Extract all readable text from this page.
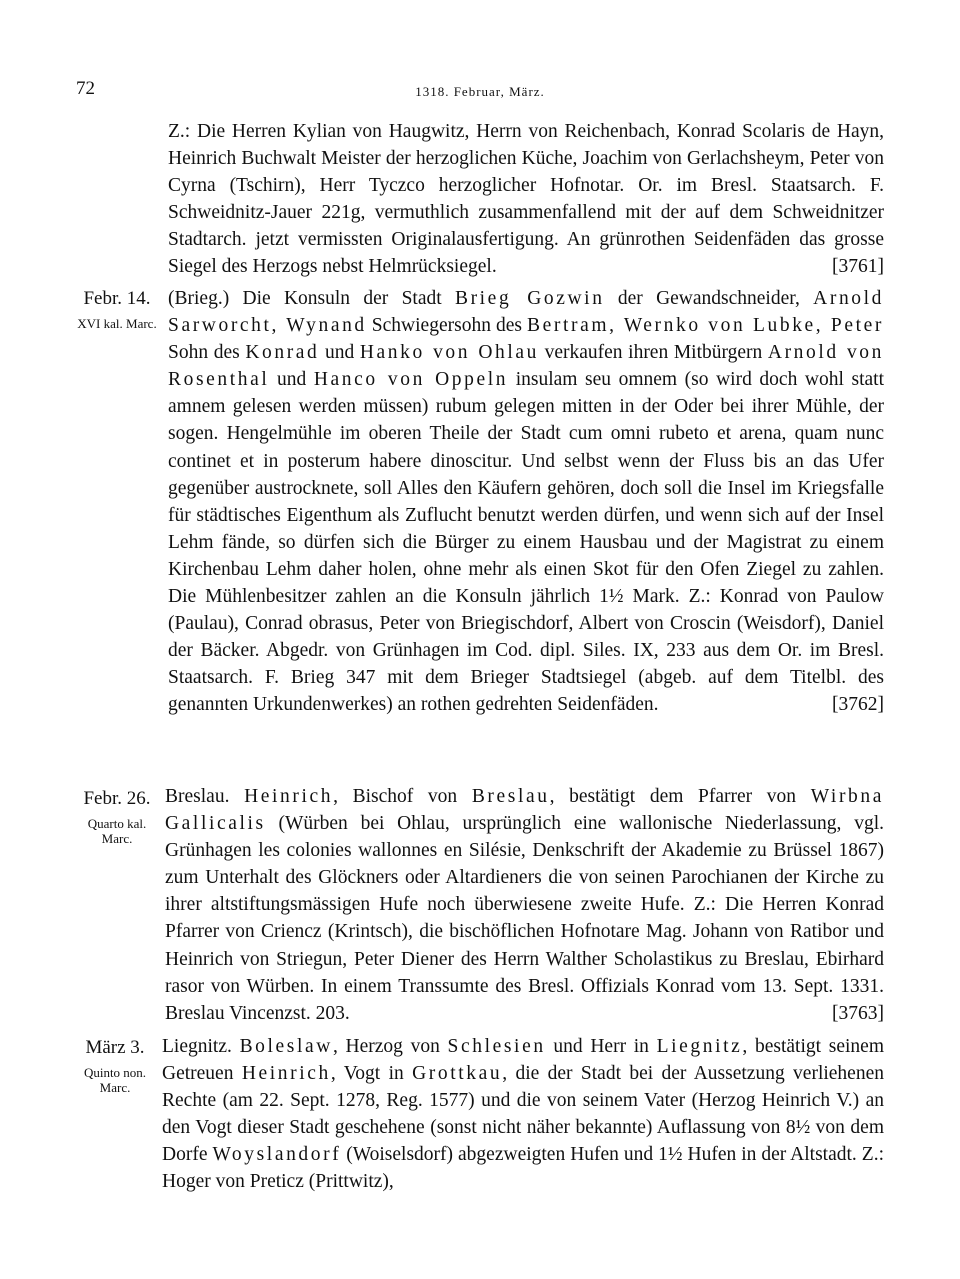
72	1318. Februar, März.
Z.: Die Herren Kylian von Haugwitz, Herrn von Reichenbach, Konrad Scolaris de Hayn, Heinrich Buchwalt Meister der herzoglichen Küche, Joachim von Gerlachsheym, Peter von Cyrna (Tschirn), Herr Tyczco herzoglicher Hofnotar. Or. im Bresl. Staatsarch. F. Schweidnitz-Jauer 221g, vermuthlich zusammenfallend mit der auf dem Schweidnitzer Stadtarch. jetzt vermissten Originalausfertigung. An grünrothen Seidenfäden das grosse Siegel des Herzogs nebst Helmrücksiegel.	[3761]
Febr. 14.
XVI kal. Marc.
(Brieg.) Die Konsuln der Stadt Brieg Gozwin der Gewandschneider, Arnold Sarworcht, Wynand Schwiegersohn des Bertram, Wernko von Lubke, Peter Sohn des Konrad und Hanko von Ohlau verkaufen ihren Mitbürgern Arnold von Rosenthal und Hanco von Oppeln insulam seu omnem (so wird doch wohl statt amnem gelesen werden müssen) rubum gelegen mitten in der Oder bei ihrer Mühle, der sogen. Hengelmühle im oberen Theile der Stadt cum omni rubeto et arena, quam nunc continet et in posterum habere dinoscitur. Und selbst wenn der Fluss bis an das Ufer gegenüber austrocknete, soll Alles den Käufern gehören, doch soll die Insel im Kriegsfalle für städtisches Eigenthum als Zuflucht benutzt werden dürfen, und wenn sich auf der Insel Lehm fände, so dürfen sich die Bürger zu einem Hausbau und der Magistrat zu einem Kirchenbau Lehm daher holen, ohne mehr als einen Skot für den Ofen Ziegel zu zahlen. Die Mühlenbesitzer zahlen an die Konsuln jährlich 1½ Mark. Z.: Konrad von Paulow (Paulau), Conrad obrasus, Peter von Briegischdorf, Albert von Croscin (Weisdorf), Daniel der Bäcker. Abgedr. von Grünhagen im Cod. dipl. Siles. IX, 233 aus dem Or. im Bresl. Staatsarch. F. Brieg 347 mit dem Brieger Stadtsiegel (abgeb. auf dem Titelbl. des genannten Urkundenwerkes) an rothen gedrehten Seidenfäden.	[3762]
Febr. 26.
Quarto kal. Marc.
Breslau. Heinrich, Bischof von Breslau, bestätigt dem Pfarrer von Wirbna Gallicalis (Würben bei Ohlau, ursprünglich eine wallonische Niederlassung, vgl. Grünhagen les colonies wallonnes en Silésie, Denkschrift der Akademie zu Brüssel 1867) zum Unterhalt des Glöckners oder Altardieners die von seinen Parochianen der Kirche zu ihrer altstiftungsmässigen Hufe noch überwiesene zweite Hufe. Z.: Die Herren Konrad Pfarrer von Criencz (Krintsch), die bischöflichen Hofnotare Mag. Johann von Ratibor und Heinrich von Striegun, Peter Diener des Herrn Walther Scholastikus zu Breslau, Ebirhard rasor von Würben. In einem Transsumte des Bresl. Offizials Konrad vom 13. Sept. 1331. Breslau Vincenzst. 203.	[3763]
März 3.
Quinto non. Marc.
Liegnitz. Boleslaw, Herzog von Schlesien und Herr in Liegnitz, bestätigt seinem Getreuen Heinrich, Vogt in Grottkau, die der Stadt bei der Aussetzung verliehenen Rechte (am 22. Sept. 1278, Reg. 1577) und die von seinem Vater (Herzog Heinrich V.) an den Vogt dieser Stadt geschehene (sonst nicht näher bekannte) Auflassung von 8½ von dem Dorfe Woyslandorf (Woiselsdorf) abgezweigten Hufen und 1½ Hufen in der Altstadt. Z.: Hoger von Preticz (Prittwitz),
